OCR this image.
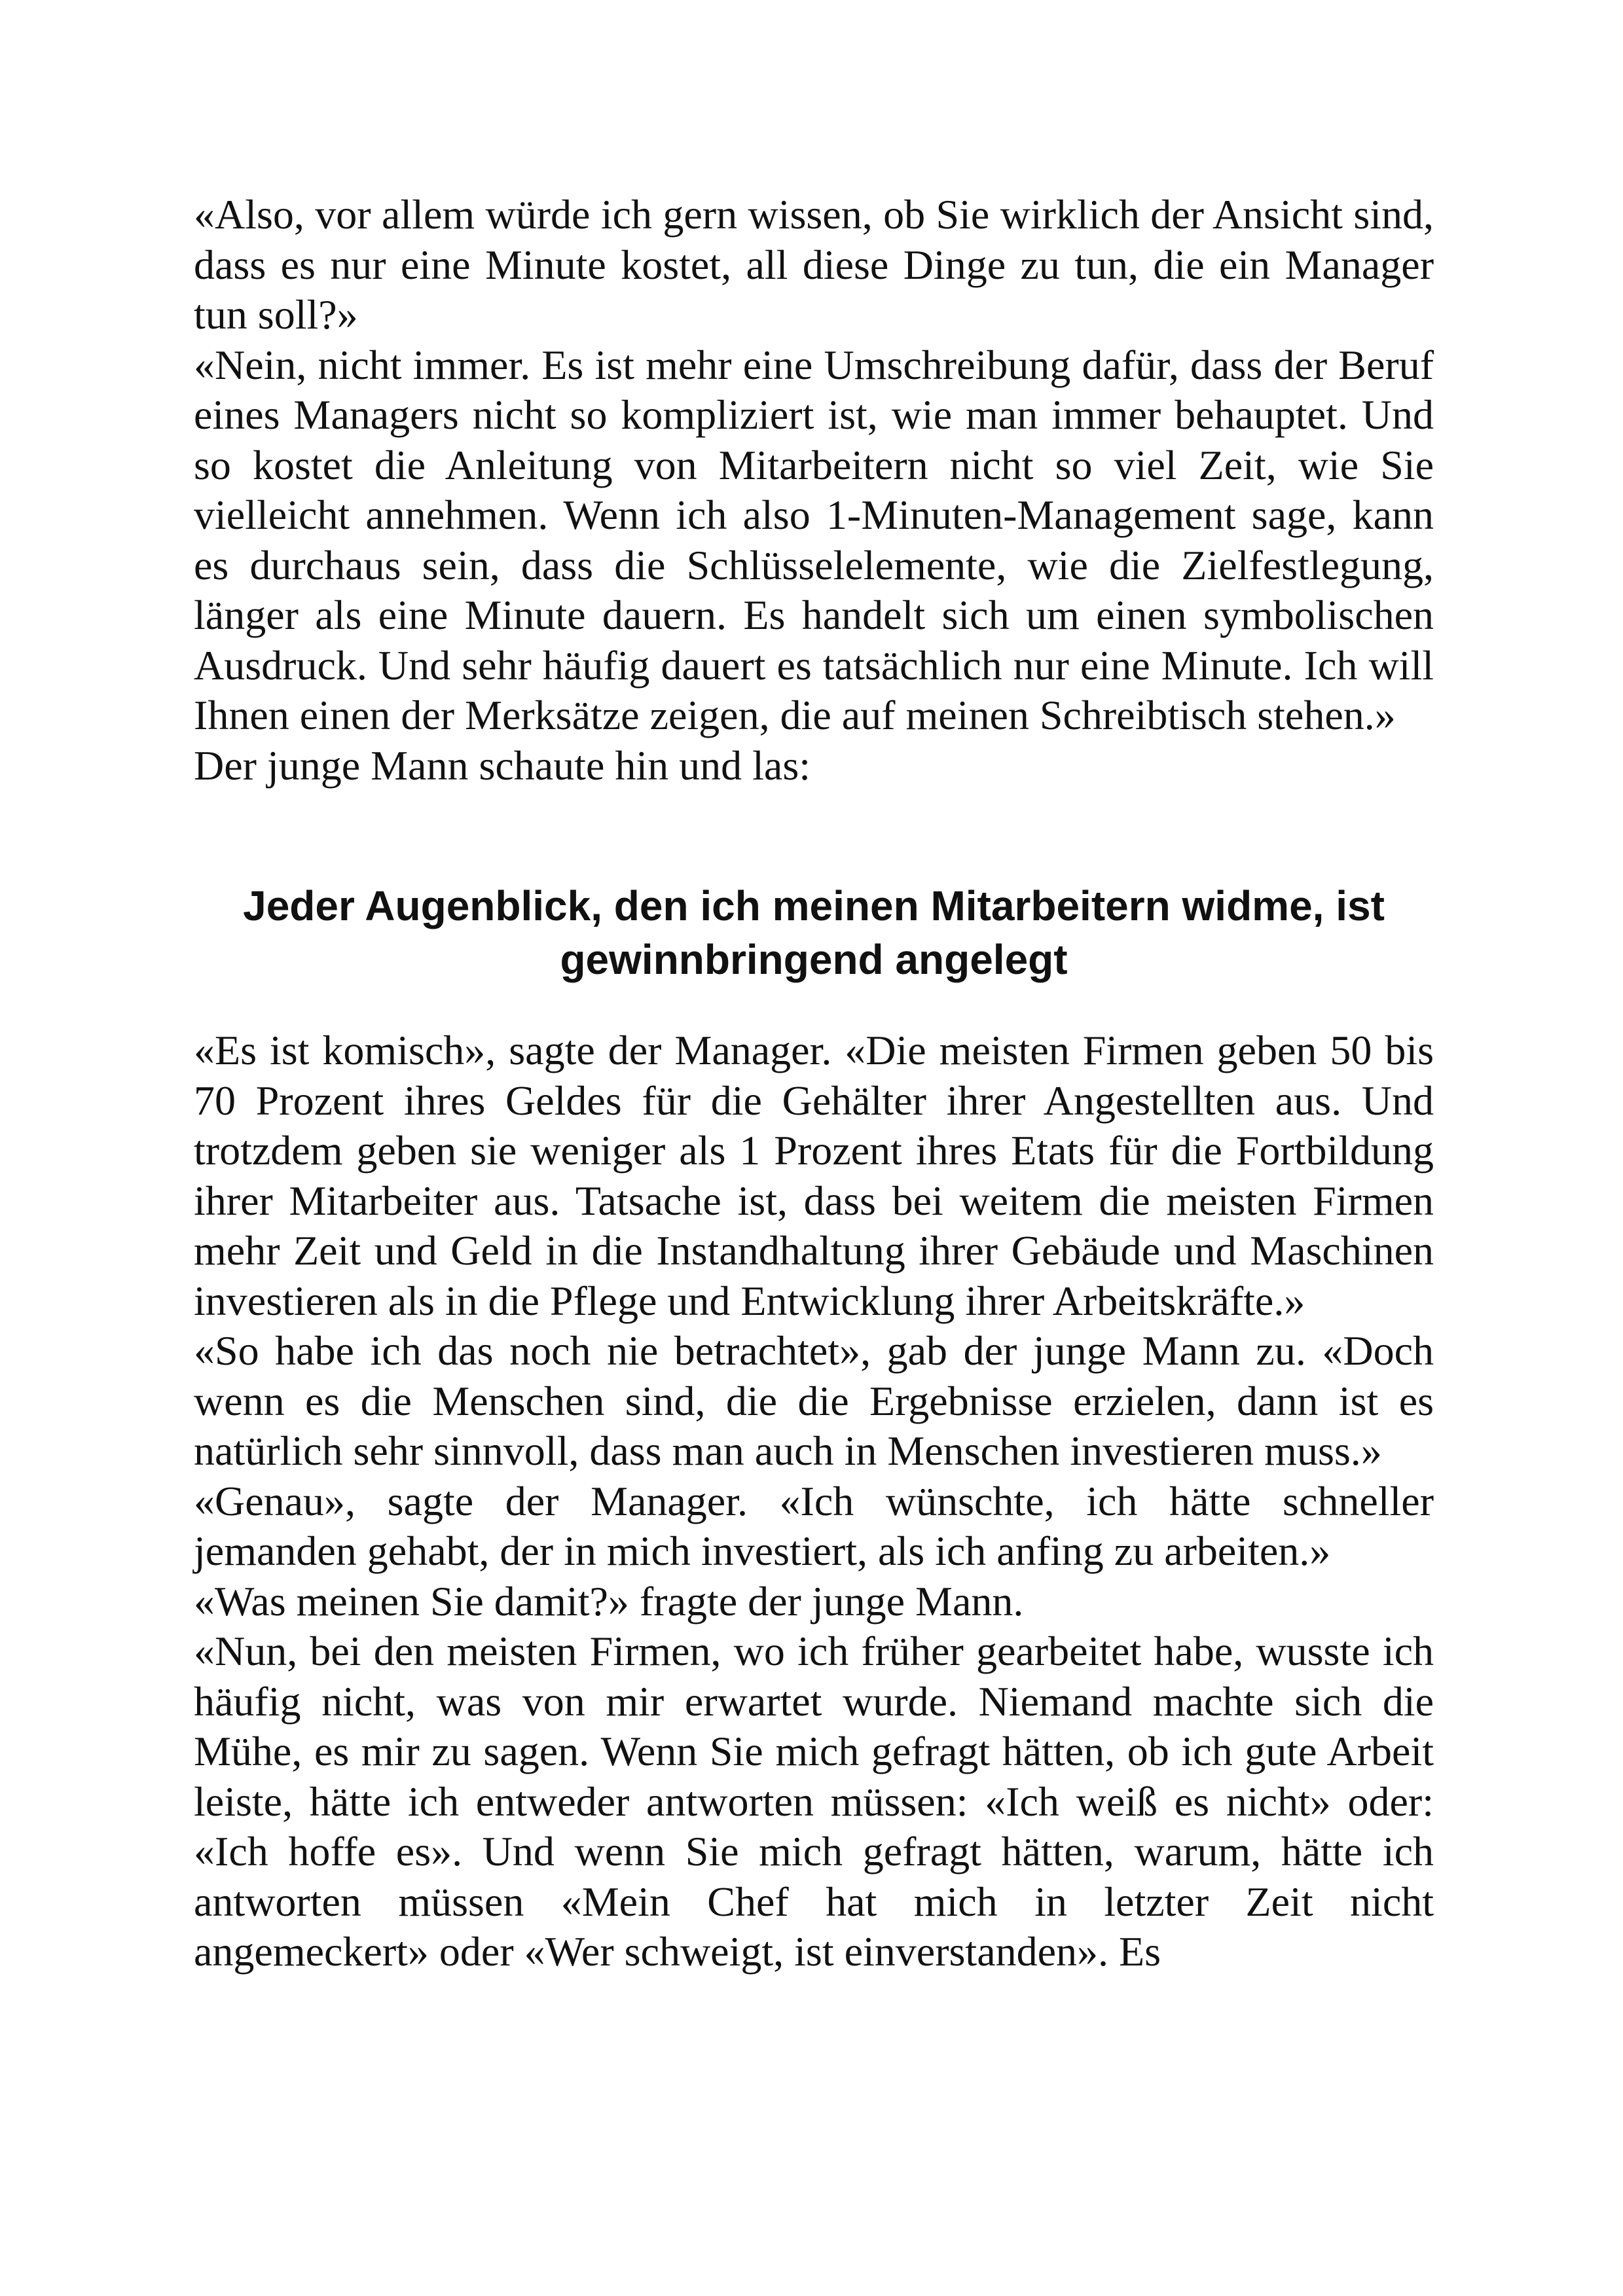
«Also, vor allem würde ich gern wissen, ob Sie wirklich der Ansicht sind, dass es nur eine Minute kostet, all diese Dinge zu tun, die ein Manager tun soll?»

«Nein, nicht immer. Es ist mehr eine Umschreibung dafür, dass der Beruf eines Managers nicht so kompliziert ist, wie man immer behauptet. Und so kostet die Anleitung von Mitarbeitern nicht so viel Zeit, wie Sie vielleicht annehmen. Wenn ich also 1-Minuten-Management sage, kann es durchaus sein, dass die Schlüsselelemente, wie die Zielfestlegung, länger als eine Minute dauern. Es handelt sich um einen symbolischen Ausdruck. Und sehr häufig dauert es tatsächlich nur eine Minute. Ich will Ihnen einen der Merksätze zeigen, die auf meinen Schreibtisch stehen.»

Der junge Mann schaute hin und las:

Jeder Augenblick, den ich meinen Mitarbeitern widme, ist
gewinnbringend angelegt

«Es ist komisch», sagte der Manager. «Die meisten Firmen geben 50 bis 70 Prozent ihres Geldes für die Gehälter ihrer Angestellten aus. Und trotzdem geben sie weniger als 1 Prozent ihres Etats für die Fortbildung ihrer Mitarbeiter aus. Tatsache ist, dass bei weitem die meisten Firmen mehr Zeit und Geld in die Instandhaltung ihrer Gebäude und Maschinen investieren als in die Pflege und Entwicklung ihrer Arbeitskräfte.»

«So habe ich das noch nie betrachtet», gab der junge Mann zu. «Doch wenn es die Menschen sind, die die Ergebnisse erzielen, dann ist es natürlich sehr sinnvoll, dass man auch in Menschen investieren muss.»

«Genau», sagte der Manager. «Ich wünschte, ich hätte schneller jemanden gehabt, der in mich investiert, als ich anfing zu arbeiten.»

«Was meinen Sie damit?» fragte der junge Mann.

«Nun, bei den meisten Firmen, wo ich früher gearbeitet habe, wusste ich häufig nicht, was von mir erwartet wurde. Niemand machte sich die Mühe, es mir zu sagen. Wenn Sie mich gefragt hätten, ob ich gute Arbeit leiste, hätte ich entweder antworten müssen: «Ich weiß es nicht» oder: «Ich hoffe es». Und wenn Sie mich gefragt hätten, warum, hätte ich antworten müssen «Mein Chef hat mich in letzter Zeit nicht angemeckert» oder «Wer schweigt, ist einverstanden». Es
